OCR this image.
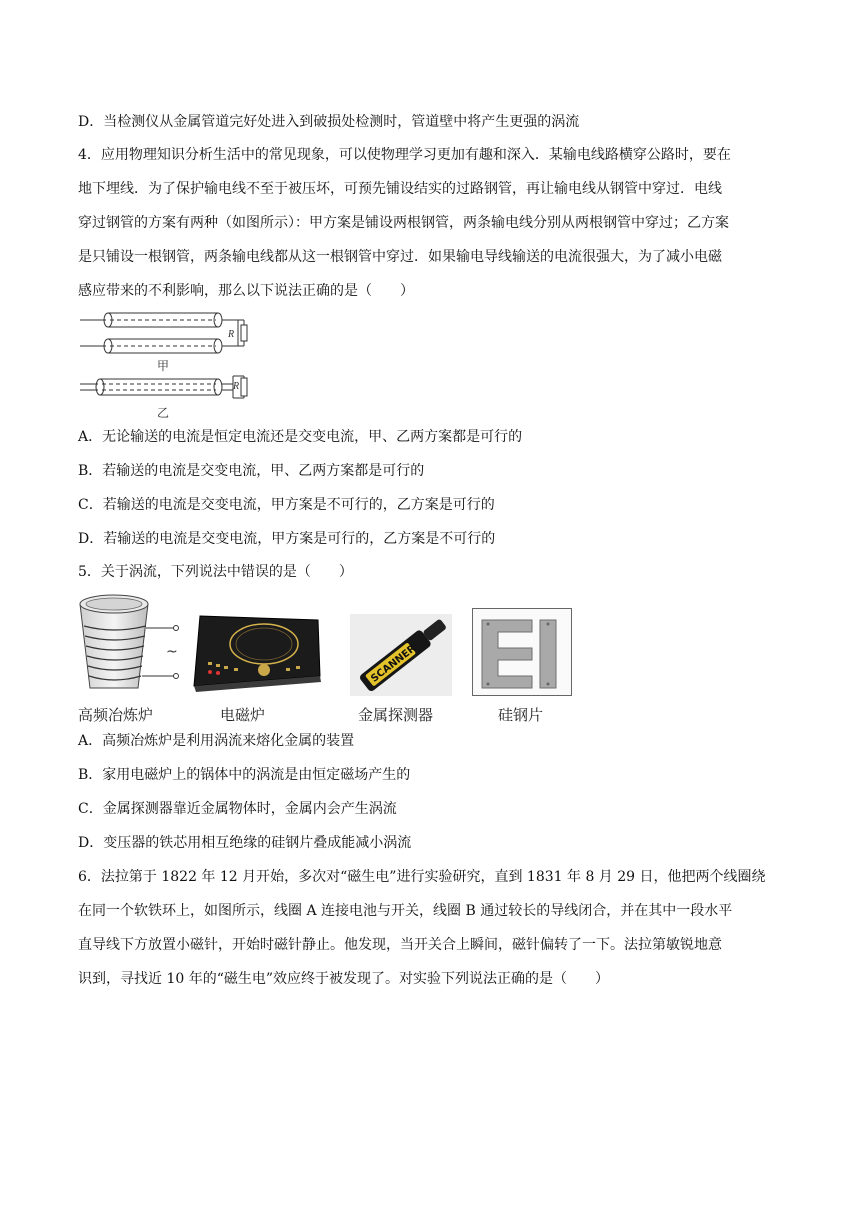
D．当检测仪从金属管道完好处进入到破损处检测时，管道壁中将产生更强的涡流
4．应用物理知识分析生活中的常见现象，可以使物理学习更加有趣和深入．某输电线路横穿公路时，要在
地下埋线．为了保护输电线不至于被压坏，可预先铺设结实的过路钢管，再让输电线从钢管中穿过．电线
穿过钢管的方案有两种（如图所示）：甲方案是铺设两根钢管，两条输电线分别从两根钢管中穿过；乙方案
是只铺设一根钢管，两条输电线都从这一根钢管中穿过．如果输电导线输送的电流很强大，为了减小电磁
感应带来的不利影响，那么以下说法正确的是（　　）
R
甲
R
乙
A．无论输送的电流是恒定电流还是交变电流，甲、乙两方案都是可行的
B．若输送的电流是交变电流，甲、乙两方案都是可行的
C．若输送的电流是交变电流，甲方案是不可行的，乙方案是可行的
D．若输送的电流是交变电流，甲方案是可行的，乙方案是不可行的
5．关于涡流，下列说法中错误的是（　　）
~	SCANNER
高频冶炼炉	电磁炉	金属探测器	硅钢片
A．高频冶炼炉是利用涡流来熔化金属的装置
B．家用电磁炉上的锅体中的涡流是由恒定磁场产生的
C．金属探测器靠近金属物体时，金属内会产生涡流
D．变压器的铁芯用相互绝缘的硅钢片叠成能减小涡流
6．法拉第于 1822 年 12 月开始，多次对“磁生电”进行实验研究，直到 1831 年 8 月 29 日，他把两个线圈绕
在同一个软铁环上，如图所示，线圈 A 连接电池与开关，线圈 B 通过较长的导线闭合，并在其中一段水平
直导线下方放置小磁针，开始时磁针静止。他发现，当开关合上瞬间，磁针偏转了一下。法拉第敏锐地意
识到，寻找近 10 年的“磁生电”效应终于被发现了。对实验下列说法正确的是（　　）
